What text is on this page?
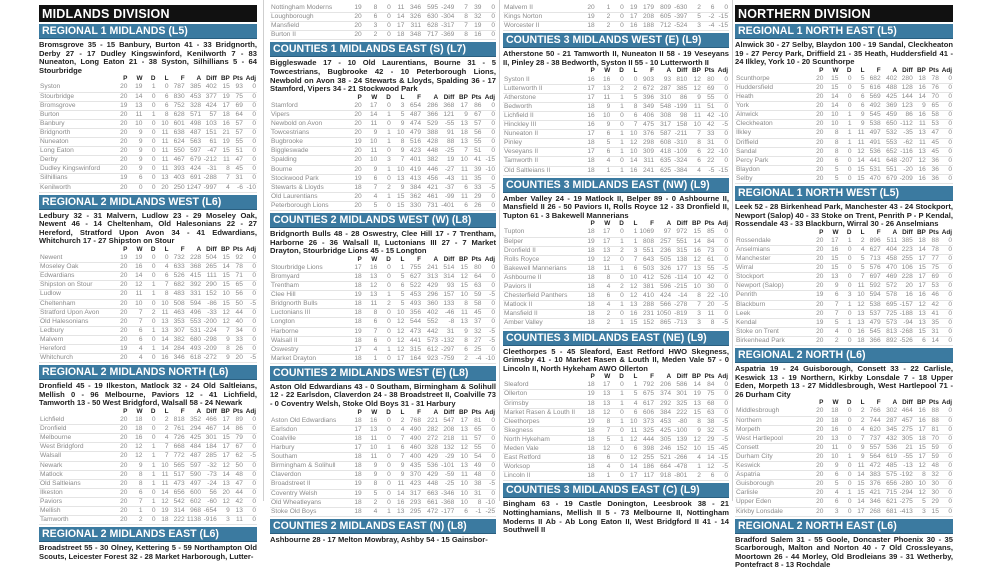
MIDLANDS DIVISION
REGIONAL 1 MIDLANDS (L5)
Bromsgrove 35 - 15 Banbury, Burton 41 - 33 Bridgnorth, Derby 27 - 17 Dudley Kingswinford, Kenilworth 7 - 83 Nuneaton, Long Eaton 21 - 38 Syston, Silhillians 5 - 64 Stourbridge
	P	W	D	L	F	A	Diff	BP	Pts	Adj
Syston	20	19	1	0	787	385	402	15	93	0
Stourbridge	20	14	0	6	830	453	377	19	75	0
Bromsgrove	19	13	0	6	752	328	424	17	69	0
Burton	20	11	1	8	628	571	57	18	64	0
Banbury	20	10	0	10	601	498	103	16	57	0
Bridgnorth	20	9	0	11	638	487	151	21	57	0
Nuneaton	20	9	0	11	624	563	61	19	55	0
Long Eaton	20	9	0	11	550	597	-47	15	51	0
Derby	20	9	0	11	467	679	-212	11	47	0
Dudley Kingswinford	20	9	0	11	393	424	-31	8	45	0
Silhillians	19	6	0	13	403	691	-288	7	31	0
Kenilworth	20	0	0	20	250	1247	-997	4	-6	-10
REGIONAL 2 MIDLANDS WEST (L6)
Ledbury 32 - 31 Malvern, Ludlow 23 - 29 Moseley Oak, Newent 46 - 14 Cheltenham, Old Halesonians 22 - 27 Hereford, Stratford Upon Avon 34 - 41 Edwardians, Whitchurch 17 - 27 Shipston on Stour
	P	W	D	L	F	A	Diff	BP	Pts	Adj
Newent	19	19	0	0	732	228	504	15	92	0
Moseley Oak	20	16	0	4	633	368	265	14	78	0
Edwardians	20	14	0	6	526	415	111	15	71	0
Shipston on Stour	20	12	1	7	682	392	290	15	65	0
Ludlow	20	11	1	8	483	331	152	10	56	0
Cheltenham	20	10	0	10	508	594	-86	15	50	-5
Stratford Upon Avon	20	7	2	11	463	496	-33	12	44	0
Old Halesonians	20	7	0	13	353	553	-200	12	40	0
Ledbury	20	6	1	13	307	531	-224	7	34	0
Malvern	20	6	0	14	382	680	-298	9	33	0
Hereford	19	4	1	14	284	493	-209	8	26	0
Whitchurch	20	4	0	16	346	618	-272	9	20	-5
REGIONAL 2 MIDLANDS NORTH (L6)
Dronfield 45 - 19 Ilkeston, Matlock 32 - 24 Old Saltleians, Mellish 0 - 96 Melbourne, Paviors 12 - 41 Lichfield, Tamworth 13 - 50 West Bridgford, Walsall 58 - 24 Newark
	P	W	D	L	F	A	Diff	BP	Pts	Adj
Lichfield	20	18	0	2	818	352	466	17	89	0
Dronfield	20	18	0	2	761	294	467	14	86	0
Melbourne	20	16	0	4	726	425	301	15	79	0
West Bridgford	20	12	1	7	668	484	184	17	67	0
Walsall	20	12	1	7	772	487	285	17	62	-5
Newark	20	9	1	10	565	597	-32	12	50	0
Matlock	20	8	1	11	517	590	-73	14	48	0
Old Saltleians	20	8	1	11	473	497	-24	13	47	0
Ilkeston	20	6	0	14	656	600	56	20	44	0
Paviors	20	7	1	12	542	602	-60	12	42	0
Mellish	20	1	0	19	314	968	-654	9	13	0
Tamworth	20	2	0	18	222	1138	-916	3	11	0
REGIONAL 2 MIDLANDS EAST (L6)
Broadstreet 55 - 30 Olney, Kettering 5 - 59 Northampton Old Scouts, Leicester Forest 32 - 28 Market Harborough, Lutter-
Nottingham Moderns	19	8	0	11	346	595	-249	7	39	0
Loughborough	20	6	0	14	326	630	-304	8	32	0
Mansfield	20	3	0	17	311	628	-317	7	19	0
Burton II	20	2	0	18	348	717	-369	8	16	0
COUNTIES 1 MIDLANDS EAST (S) (L7)
Biggleswade 17 - 10 Old Laurentians, Bourne 31 - 5 Towcestrians, Bugbrooke 42 - 10 Peterborough Lions, Newbold on Avon 38 - 24 Stewarts & Lloyds, Spalding 36 - 17 Stamford, Vipers 34 - 21 Stockwood Park
	P	W	D	L	F	A	Diff	BP	Pts	Adj
Stamford	20	17	0	3	654	286	368	17	86	0
Vipers	20	14	1	5	487	366	121	9	67	0
Newbold on Avon	20	11	0	9	474	529	-55	13	57	0
Towcestrians	20	9	1	10	479	388	91	18	56	0
Bugbrooke	19	10	1	8	516	428	88	13	55	0
Biggleswade	20	11	0	9	423	448	-25	7	51	0
Spalding	20	10	3	7	401	382	19	10	41	-15
Bourne	20	9	1	10	419	446	-27	11	39	-10
Stockwood Park	19	6	0	13	413	456	-43	11	35	0
Stewarts & Lloyds	18	7	2	9	384	421	-37	6	33	-5
Old Laurentians	20	4	1	15	362	461	-99	11	29	0
Peterborough Lions	20	5	0	15	330	731	-401	6	26	0
COUNTIES 2 MIDLANDS WEST (W) (L8)
Bridgnorth Bulls 48 - 28 Oswestry, Clee Hill 17 - 7 Trentham, Harborne 26 - 36 Walsall II, Luctonians III 27 - 7 Market Drayton, Stourbridge Lions 45 - 15 Longton
	P	W	D	L	F	A	Diff	BP	Pts	Adj
Stourbridge Lions	17	16	0	1	755	241	514	15	80	0
Bromyard	18	13	0	5	627	313	314	12	64	0
Trentham	18	12	0	6	522	429	93	15	63	0
Clee Hill	19	13	1	5	453	296	157	10	59	-5
Bridgnorth Bulls	18	11	2	5	493	360	133	8	58	0
Luctonians III	18	8	0	10	356	402	-46	11	45	0
Longton	18	6	0	12	544	552	-8	13	37	0
Harborne	19	7	0	12	473	442	31	9	32	-5
Walsall II	18	6	0	12	441	573	-132	8	27	-5
Oswestry	17	4	1	12	315	612	-297	6	25	0
Market Drayton	18	1	0	17	164	923	-759	2	-4	-10
COUNTIES 2 MIDLANDS WEST (E) (L8)
Aston Old Edwardians 43 - 0 Southam, Birmingham & Solihull 12 - 22 Earlsdon, Claverdon 24 - 38 Broadstreet II, Coalville 73 - 0 Coventry Welsh, Stoke Old Boys 31 - 31 Harbury
	P	W	D	L	F	A	Diff	BP	Pts	Adj
Aston Old Edwardians	18	16	0	2	768	221	547	17	81	0
Earlsdon	17	13	0	4	490	282	208	13	65	0
Coalville	18	11	0	7	490	272	218	11	57	0
Harbury	17	10	1	6	460	328	132	12	55	0
Southam	18	11	0	7	400	429	-29	10	54	0
Birmingham & Solihull	18	9	0	9	435	536	-101	13	49	0
Claverdon	18	9	0	9	370	429	-59	11	48	0
Broadstreet II	19	8	0	11	423	448	-25	10	38	-5
Coventry Welsh	19	5	0	14	317	663	-346	10	31	0
Old Wheatleyans	18	2	0	16	293	661	-368	10	8	-10
Stoke Old Boys	18	4	1	13	295	472	-177	6	-1	-25
COUNTIES 2 MIDLANDS EAST (N) (L8)
Ashbourne 28 - 17 Melton Mowbray, Ashby 54 - 15 Gainsbor-
Malvern II	20	1	0	19	179	809	-630	2	6	0
Kings Norton	19	2	0	17	208	605	-397	5	-2	-15
Worcester II	18	2	0	16	188	712	-524	3	-4	-15
COUNTIES 3 MIDLANDS WEST (E) (L9)
Atherstone 50 - 21 Tamworth II, Nuneaton II 58 - 19 Veseyans II, Pinley 28 - 38 Bedworth, Syston II 55 - 10 Lutterworth II
	P	W	D	L	F	A	Diff	BP	Pts	Adj
Syston II	16	16	0	0	903	93	810	12	80	0
Lutterworth II	17	13	2	2	672	287	385	12	69	0
Atherstone	17	11	1	5	396	310	86	9	55	0
Bedworth	18	9	1	8	349	548	-199	11	51	0
Lichfield II	16	10	0	6	406	308	98	11	42	-10
Hinckley III	16	9	0	7	475	317	158	10	42	-5
Nuneaton II	17	6	1	10	376	587	-211	7	33	0
Pinley	18	5	1	12	298	608	-310	8	31	0
Veseyans II	17	6	1	10	309	418	-109	6	22	-10
Tamworth II	18	4	0	14	311	635	-324	6	22	0
Old Saltleians II	18	1	1	16	241	625	-384	4	-5	-15
COUNTIES 3 MIDLANDS EAST (NW) (L9)
Amber Valley 24 - 19 Matlock II, Belper 89 - 0 Ashbourne II, Mansfield II 26 - 50 Paviors II, Rolls Royce 12 - 33 Dronfield II, Tupton 61 - 3 Bakewell Mannerians
	P	W	D	L	F	A	Diff	BP	Pts	Adj
Tupton	18	17	0	1	1069	97	972	15	85	0
Belper	19	17	1	1	808	257	551	14	84	0
Dronfield II	18	13	2	3	551	236	315	16	73	0
Rolls Royce	19	12	0	7	643	505	138	12	61	0
Bakewell Mannerians	18	11	1	6	503	326	177	13	55	-5
Ashbourne II	18	8	0	10	412	526	-114	10	42	0
Paviors II	18	4	2	12	381	596	-215	10	30	0
Chesterfield Panthers	18	6	0	12	410	424	-14	8	22	-10
Matlock II	18	4	1	13	288	566	-278	7	20	-5
Mansfield II	18	2	0	16	231	1050	-819	3	11	0
Amber Valley	18	2	1	15	152	865	-713	3	8	-5
COUNTIES 3 MIDLANDS EAST (NE) (L9)
Cleethorpes 5 - 45 Sleaford, East Retford HWO Skegness, Grimsby 41 - 10 Market Rasen & Louth II, Meden Vale 57 - 0 Lincoln II, North Hykeham AWO Ollerton
	P	W	D	L	F	A	Diff	BP	Pts	Adj
Sleaford	18	17	0	1	792	206	586	14	84	0
Ollerton	19	13	1	5	675	374	301	19	75	0
Grimsby	18	13	1	4	617	292	325	13	68	0
Market Rasen & Louth II	18	12	0	6	606	384	222	15	63	0
Cleethorpes	19	8	1	10	373	453	-80	8	38	-5
Skegness	18	7	0	11	325	425	-100	9	32	-5
North Hykeham	18	5	1	12	444	305	139	12	29	-5
Meden Vale	18	12	0	6	398	246	152	10	15	-45
East Retford	18	6	0	12	255	521	-266	4	14	-15
Worksop	18	4	0	14	186	664	-478	1	12	-5
Lincoln II	18	1	0	17	117	918	-801	2	6	0
COUNTIES 3 MIDLANDS EAST (C) (L9)
Bingham 63 - 19 Castle Donington, Leesbrook 38 - 21 Nottinghamians, Mellish II 5 - 73 Melbourne II, Nottingham Moderns II Ab - Ab Long Eaton II, West Bridgford II 41 - 14 Southwell II
NORTHERN DIVISION
REGIONAL 1 NORTH EAST (L5)
Alnwick 30 - 27 Selby, Blaydon 100 - 19 Sandal, Cleckheaton 19 - 27 Percy Park, Driffield 21 - 35 Heath, Huddersfield 41 - 24 Ilkley, York 10 - 20 Scunthorpe
	P	W	D	L	F	A	Diff	BP	Pts	Adj
Scunthorpe	20	15	0	5	682	402	280	18	78	0
Huddersfield	20	15	0	5	616	488	128	16	76	0
Heath	20	14	0	6	569	425	144	14	70	0
York	20	14	0	6	492	369	123	9	65	0
Alnwick	20	10	1	9	545	459	86	16	58	0
Cleckheaton	20	10	1	9	538	650	-112	11	53	0
Ilkley	20	8	1	11	497	532	-35	13	47	0
Driffield	20	8	1	11	491	553	-62	11	45	0
Sandal	20	8	0	12	536	652	-116	13	45	0
Percy Park	20	6	0	14	441	648	-207	12	36	0
Blaydon	20	5	0	15	531	551	-20	16	36	0
Selby	20	5	0	15	470	679	-209	16	36	0
REGIONAL 1 NORTH WEST (L5)
Leek 52 - 28 Birkenhead Park, Manchester 43 - 24 Stockport, Newport (Salop) 40 - 33 Stoke on Trent, Penrith P - P Kendal, Rossendale 43 - 33 Blackburn, Wirral 30 - 26 Anselmians
	P	W	D	L	F	A	Diff	BP	Pts	Adj
Rossendale	20	17	1	2	896	511	385	18	88	0
Anselmians	20	16	0	4	627	404	223	14	78	0
Manchester	20	15	0	5	713	458	255	17	77	0
Wirral	20	15	0	5	576	470	106	15	75	0
Stockport	20	13	0	7	697	469	228	17	69	0
Newport (Salop)	20	9	0	11	592	572	20	17	53	0
Penrith	19	6	3	10	594	578	16	16	46	0
Blackburn	20	7	1	12	538	695	-157	12	42	0
Leek	20	7	0	13	537	725	-188	13	41	0
Kendal	19	5	1	13	479	573	-94	13	35	0
Stoke on Trent	20	4	0	16	545	813	-268	15	31	0
Birkenhead Park	20	2	0	18	366	892	-526	6	14	0
REGIONAL 2 NORTH (L6)
Aspatria 19 - 24 Guisborough, Consett 33 - 22 Carlisle, Keswick 13 - 19 Northern, Kirkby Lonsdale 7 - 18 Upper Eden, Morpeth 13 - 27 Middlesbrough, West Hartlepool 71 - 26 Durham City
	P	W	D	L	F	A	Diff	BP	Pts	Adj
Middlesbrough	20	18	0	2	766	302	464	16	88	0
Northern	20	18	0	2	744	287	457	16	88	0
Morpeth	20	16	0	4	620	345	275	17	81	0
West Hartlepool	20	13	0	7	737	432	305	18	70	0
Consett	20	11	0	9	557	536	21	15	59	0
Durham City	20	10	1	9	564	619	-55	17	59	0
Keswick	20	9	0	11	472	485	-13	12	48	0
Aspatria	20	6	0	14	383	575	-192	8	32	0
Guisborough	20	5	0	15	376	656	-280	10	30	0
Carlisle	20	4	1	15	421	715	-294	12	30	0
Upper Eden	20	6	0	14	346	621	-275	5	29	0
Kirkby Lonsdale	20	3	0	17	268	681	-413	3	15	0
REGIONAL 2 NORTH EAST (L6)
Bradford Salem 31 - 55 Goole, Doncaster Phoenix 30 - 35 Scarborough, Malton and Norton 40 - 7 Old Crossleyans, Moortown 26 - 44 Morley, Old Brodleians 39 - 31 Wetherby, Pontefract 8 - 13 Rochdale
